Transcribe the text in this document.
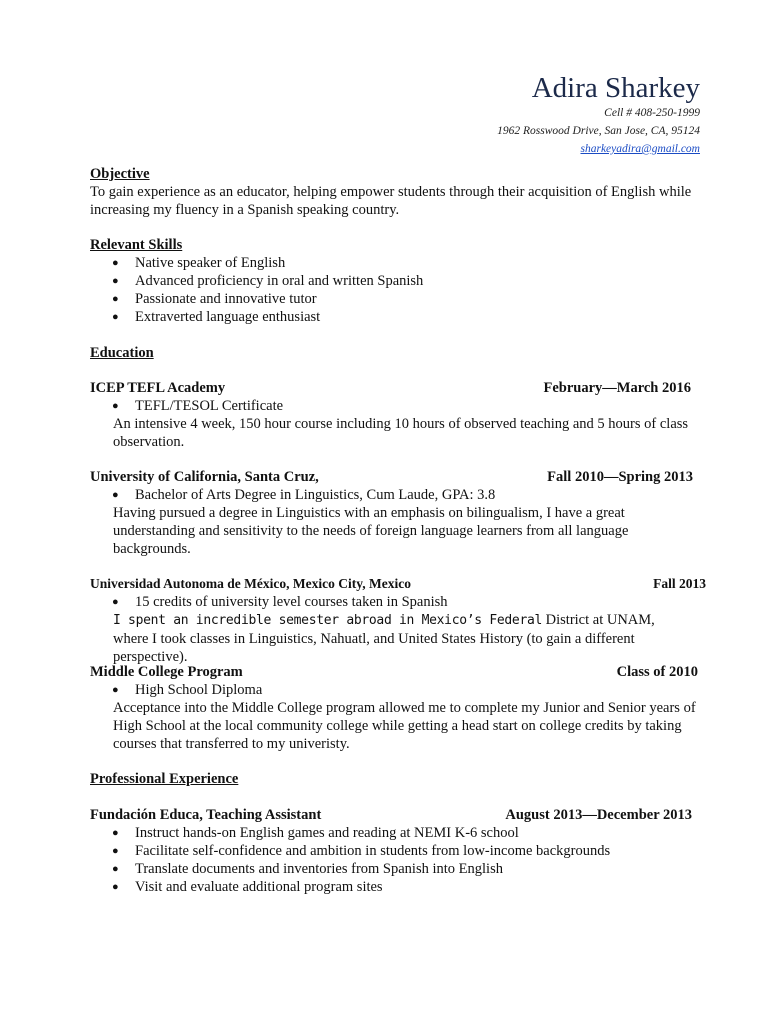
Adira Sharkey
Cell # 408-250-1999
1962 Rosswood Drive, San Jose, CA, 95124
sharkeyadira@gmail.com
Objective
To gain experience as an educator, helping empower students through their acquisition of English while increasing my fluency in a Spanish speaking country.
Relevant Skills
● Native speaker of English
● Advanced proficiency in oral and written Spanish
● Passionate and innovative tutor
● Extraverted language enthusiast
Education
ICEP TEFL Academy	February—March 2016
● TEFL/TESOL Certificate
An intensive 4 week, 150 hour course including 10 hours of observed teaching and 5 hours of class observation.
University of California, Santa Cruz,	Fall 2010—Spring 2013
● Bachelor of Arts Degree in Linguistics, Cum Laude, GPA: 3.8
Having pursued a degree in Linguistics with an emphasis on bilingualism, I have a great understanding and sensitivity to the needs of foreign language learners from all language backgrounds.
Universidad Autonoma de México, Mexico City, Mexico	Fall 2013
● 15 credits of university level courses taken in Spanish
I spent an incredible semester abroad in Mexico’s Federal District at UNAM, where I took classes in Linguistics, Nahuatl, and United States History (to gain a different perspective).
Middle College Program	Class of 2010
● High School Diploma
Acceptance into the Middle College program allowed me to complete my Junior and Senior years of High School at the local community college while getting a head start on college credits by taking courses that transferred to my univeristy.
Professional Experience
Fundación Educa, Teaching Assistant	August 2013—December 2013
● Instruct hands-on English games and reading at NEMI K-6 school
● Facilitate self-confidence and ambition in students from low-income backgrounds
● Translate documents and inventories from Spanish into English
● Visit and evaluate additional program sites
